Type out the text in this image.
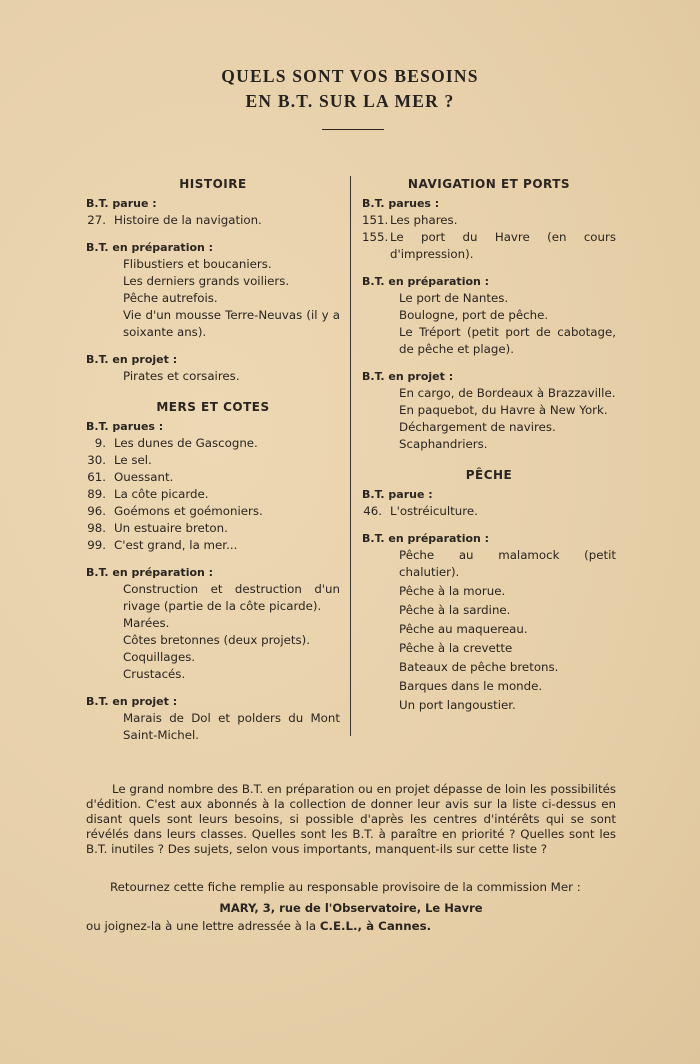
QUELS SONT VOS BESOINS
EN B.T. SUR LA MER ?
HISTOIRE
B.T. parue :
27. Histoire de la navigation.
B.T. en préparation :
Flibustiers et boucaniers.
Les derniers grands voiliers.
Pêche autrefois.
Vie d'un mousse Terre-Neuvas (il y a soixante ans).
B.T. en projet :
Pirates et corsaires.
MERS ET COTES
B.T. parues :
9. Les dunes de Gascogne.
30. Le sel.
61. Ouessant.
89. La côte picarde.
96. Goémons et goémoniers.
98. Un estuaire breton.
99. C'est grand, la mer...
B.T. en préparation :
Construction et destruction d'un rivage (partie de la côte picarde).
Marées.
Côtes bretonnes (deux projets).
Coquillages.
Crustacés.
B.T. en projet :
Marais de Dol et polders du Mont Saint-Michel.
NAVIGATION ET PORTS
B.T. parues :
151. Les phares.
155. Le port du Havre (en cours d'impression).
B.T. en préparation :
Le port de Nantes.
Boulogne, port de pêche.
Le Tréport (petit port de cabotage, de pêche et plage).
B.T. en projet :
En cargo, de Bordeaux à Brazzaville.
En paquebot, du Havre à New York.
Déchargement de navires.
Scaphandriers.
PÊCHE
B.T. parue :
46. L'ostréiculture.
B.T. en préparation :
Pêche au malamock (petit chalutier).
Pêche à la morue.
Pêche à la sardine.
Pêche au maquereau.
Pêche à la crevette
Bateaux de pêche bretons.
Barques dans le monde.
Un port langoustier.
Le grand nombre des B.T. en préparation ou en projet dépasse de loin les possibilités d'édition. C'est aux abonnés à la collection de donner leur avis sur la liste ci-dessus en disant quels sont leurs besoins, si possible d'après les centres d'intérêts qui se sont révélés dans leurs classes. Quelles sont les B.T. à paraître en priorité ? Quelles sont les B.T. inutiles ? Des sujets, selon vous importants, manquent-ils sur cette liste ?
Retournez cette fiche remplie au responsable provisoire de la commission Mer :
MARY, 3, rue de l'Observatoire, Le Havre
ou joignez-la à une lettre adressée à la C.E.L., à Cannes.
